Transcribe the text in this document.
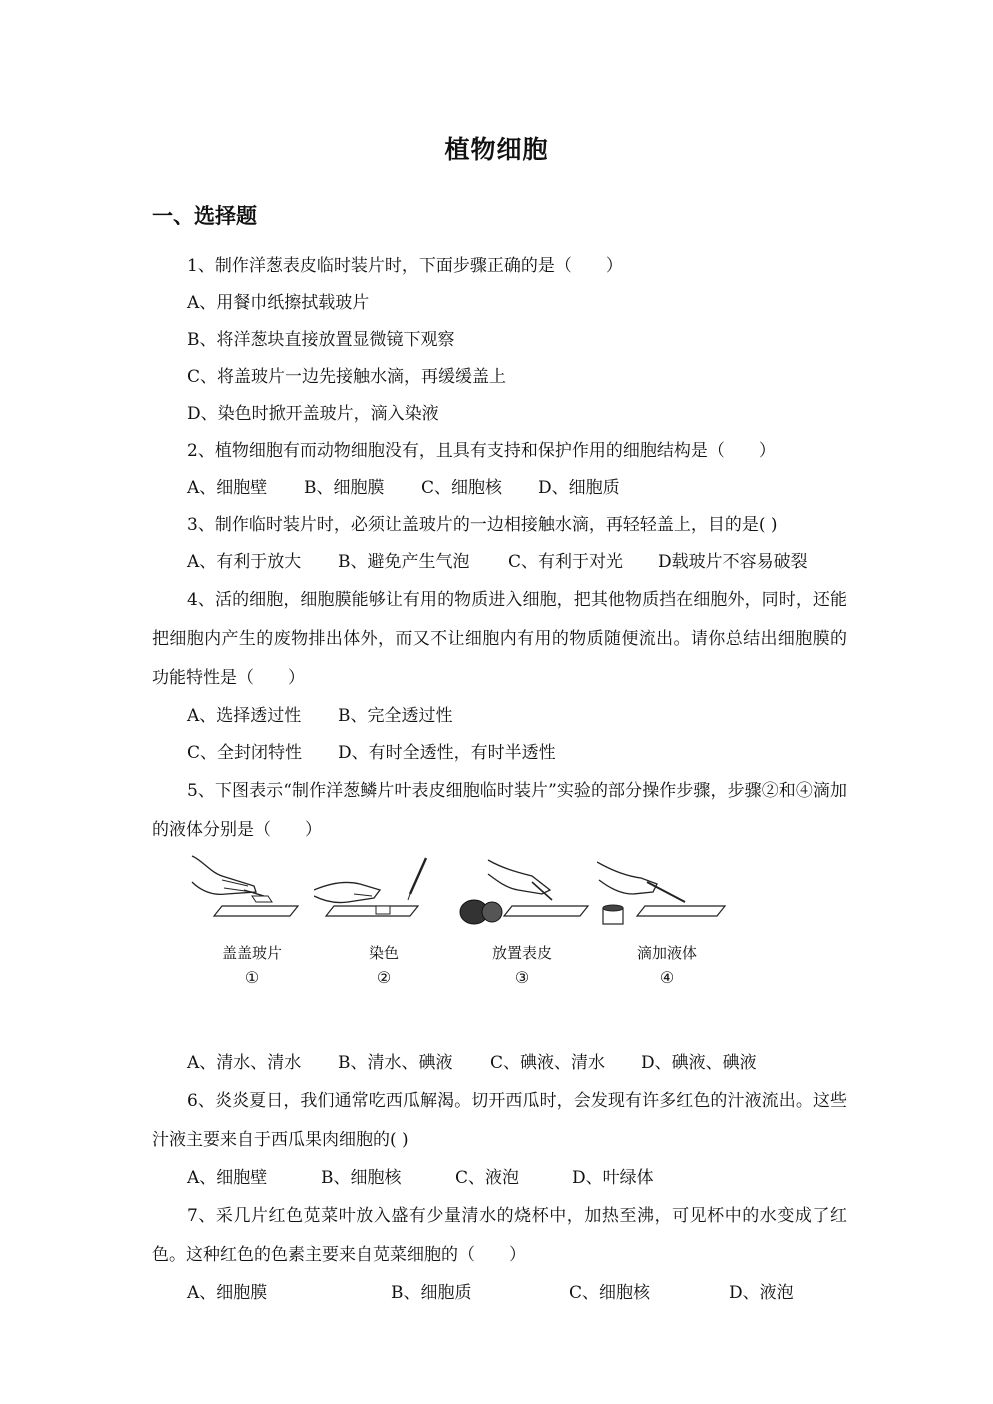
植物细胞
一、选择题
1、制作洋葱表皮临时装片时，下面步骤正确的是（　　）
A、用餐巾纸擦拭载玻片
B、将洋葱块直接放置显微镜下观察
C、将盖玻片一边先接触水滴，再缓缓盖上
D、染色时掀开盖玻片，滴入染液
2、植物细胞有而动物细胞没有，且具有支持和保护作用的细胞结构是（　　）
A、细胞壁 B、细胞膜 C、细胞核 D、细胞质
3、制作临时装片时，必须让盖玻片的一边相接触水滴，再轻轻盖上，目的是( )
A、有利于放大 B、避免产生气泡 C、有利于对光 D载玻片不容易破裂
4、活的细胞，细胞膜能够让有用的物质进入细胞，把其他物质挡在细胞外，同时，还能把细胞内产生的废物排出体外，而又不让细胞内有用的物质随便流出。请你总结出细胞膜的功能特性是（　　）
A、选择透过性 B、完全透过性
C、全封闭特性 D、有时全透性，有时半透性
5、下图表示“制作洋葱鳞片叶表皮细胞临时装片”实验的部分操作步骤，步骤②和④滴加的液体分别是（　　）
盖盖玻片
①
染色
②
放置表皮
③
滴加液体
④
A、清水、清水 B、清水、碘液 C、碘液、清水 D、碘液、碘液
6、炎炎夏日，我们通常吃西瓜解渴。切开西瓜时，会发现有许多红色的汁液流出。这些汁液主要来自于西瓜果肉细胞的( )
A、细胞壁	B、细胞核	C、液泡	D、叶绿体
7、采几片红色苋菜叶放入盛有少量清水的烧杯中，加热至沸，可见杯中的水变成了红色。这种红色的色素主要来自苋菜细胞的（　　）
A、细胞膜	B、细胞质	C、细胞核	D、液泡
